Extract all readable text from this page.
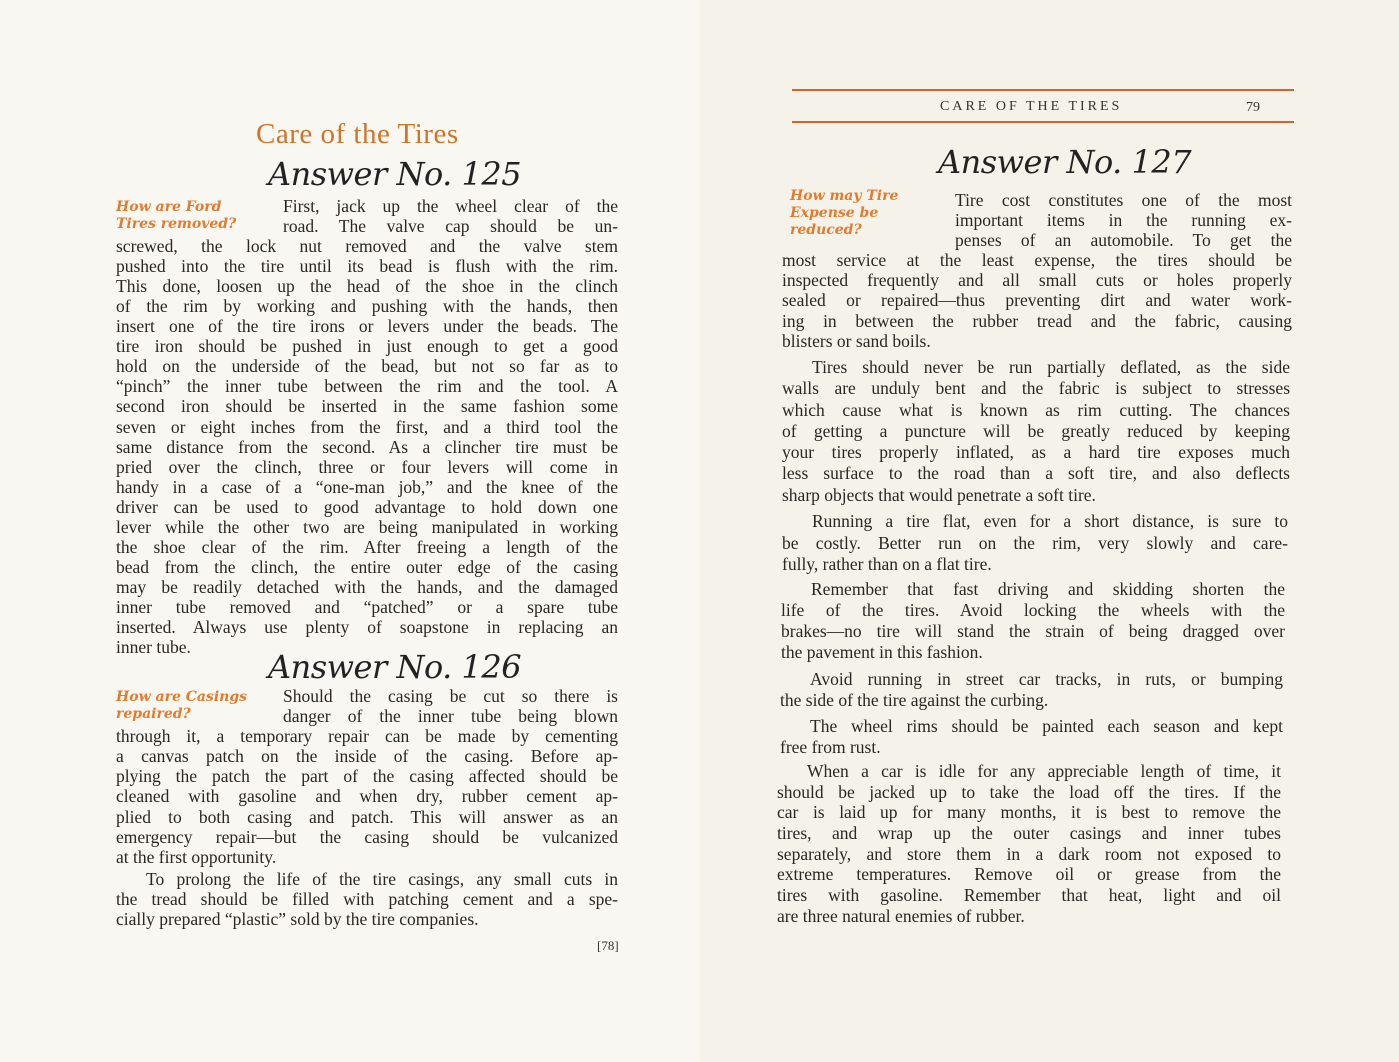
Care of the Tires
Answer No. 125
How are Ford Tires removed?
Answer No. 126
How are Casings repaired?
[78]
First, jack up the wheel clear of the
road. The valve cap should be un-
screwed, the lock nut removed and the valve stem
pushed into the tire until its bead is flush with the rim.
This done, loosen up the head of the shoe in the clinch
of the rim by working and pushing with the hands, then
insert one of the tire irons or levers under the beads. The
tire iron should be pushed in just enough to get a good
hold on the underside of the bead, but not so far as to
“pinch” the inner tube between the rim and the tool. A
second iron should be inserted in the same fashion some
seven or eight inches from the first, and a third tool the
same distance from the second. As a clincher tire must be
pried over the clinch, three or four levers will come in
handy in a case of a “one-man job,” and the knee of the
driver can be used to good advantage to hold down one
lever while the other two are being manipulated in working
the shoe clear of the rim. After freeing a length of the
bead from the clinch, the entire outer edge of the casing
may be readily detached with the hands, and the damaged
inner tube removed and “patched” or a spare tube
inserted. Always use plenty of soapstone in replacing an
inner tube.
Should the casing be cut so there is
danger of the inner tube being blown
through it, a temporary repair can be made by cementing
a canvas patch on the inside of the casing. Before ap-
plying the patch the part of the casing affected should be
cleaned with gasoline and when dry, rubber cement ap-
plied to both casing and patch. This will answer as an
emergency repair—but the casing should be vulcanized
at the first opportunity.
To prolong the life of the tire casings, any small cuts in
the tread should be filled with patching cement and a spe-
cially prepared “plastic” sold by the tire companies.
CARE OF THE TIRES	79
Answer No. 127
How may Tire Expense be reduced?
Tire cost constitutes one of the most
important items in the running ex-
penses of an automobile. To get the
most service at the least expense, the tires should be
inspected frequently and all small cuts or holes properly
sealed or repaired—thus preventing dirt and water work-
ing in between the rubber tread and the fabric, causing
blisters or sand boils.
Tires should never be run partially deflated, as the side
walls are unduly bent and the fabric is subject to stresses
which cause what is known as rim cutting. The chances
of getting a puncture will be greatly reduced by keeping
your tires properly inflated, as a hard tire exposes much
less surface to the road than a soft tire, and also deflects
sharp objects that would penetrate a soft tire.
Running a tire flat, even for a short distance, is sure to
be costly. Better run on the rim, very slowly and care-
fully, rather than on a flat tire.
Remember that fast driving and skidding shorten the
life of the tires. Avoid locking the wheels with the
brakes—no tire will stand the strain of being dragged over
the pavement in this fashion.
Avoid running in street car tracks, in ruts, or bumping
the side of the tire against the curbing.
The wheel rims should be painted each season and kept
free from rust.
When a car is idle for any appreciable length of time, it
should be jacked up to take the load off the tires. If the
car is laid up for many months, it is best to remove the
tires, and wrap up the outer casings and inner tubes
separately, and store them in a dark room not exposed to
extreme temperatures. Remove oil or grease from the
tires with gasoline. Remember that heat, light and oil
are three natural enemies of rubber.
